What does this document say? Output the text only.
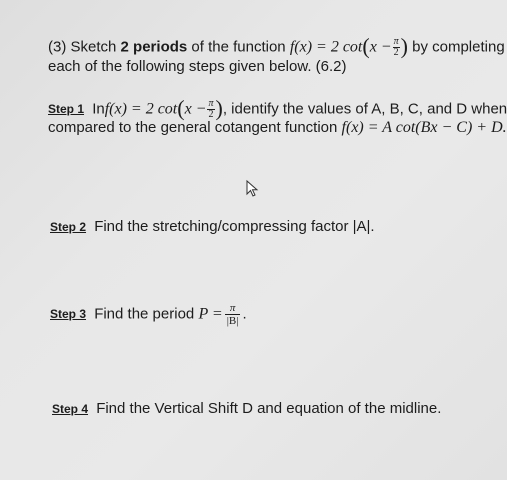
(3) Sketch 2 periods of the function f(x) = 2 $\cot(x - \frac{\pi}{2}$ ) by completing
each of the following steps given below. (6.2)
Step 1 Inf(x) = 2 $\cot(x - \frac{\pi}{2}$ ), identify the values of A, B, C, and D when
compared to the general cotangent function f(x) = A cot(Bx − C) + D.
Step 2 Find the stretching/compressing factor |A|.
Step 3 Find the period $P = \frac{\pi}{|B|}$ .
Step 4 Find the Vertical Shift D and equation of the midline.
